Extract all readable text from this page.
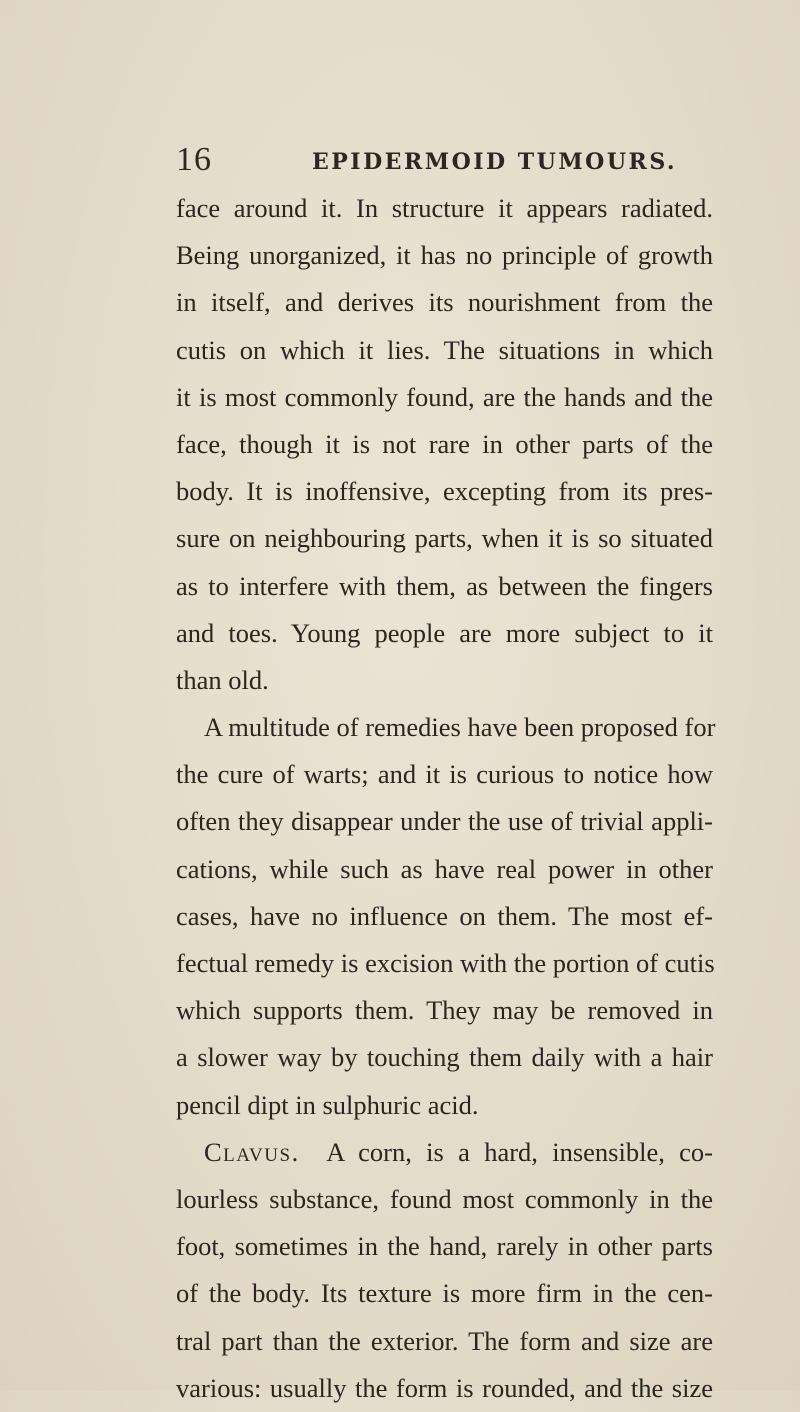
16	EPIDERMOID TUMOURS.
face around it. In structure it appears radiated.
Being unorganized, it has no principle of growth
in itself, and derives its nourishment from the
cutis on which it lies. The situations in which
it is most commonly found, are the hands and the
face, though it is not rare in other parts of the
body. It is inoffensive, excepting from its pres-
sure on neighbouring parts, when it is so situated
as to interfere with them, as between the fingers
and toes. Young people are more subject to it
than old.
A multitude of remedies have been proposed for
the cure of warts; and it is curious to notice how
often they disappear under the use of trivial appli-
cations, while such as have real power in other
cases, have no influence on them. The most ef-
fectual remedy is excision with the portion of cutis
which supports them. They may be removed in
a slower way by touching them daily with a hair
pencil dipt in sulphuric acid.
Clavus.  A corn, is a hard, insensible, co-
lourless substance, found most commonly in the
foot, sometimes in the hand, rarely in other parts
of the body. Its texture is more firm in the cen-
tral part than the exterior. The form and size are
various: usually the form is rounded, and the size
